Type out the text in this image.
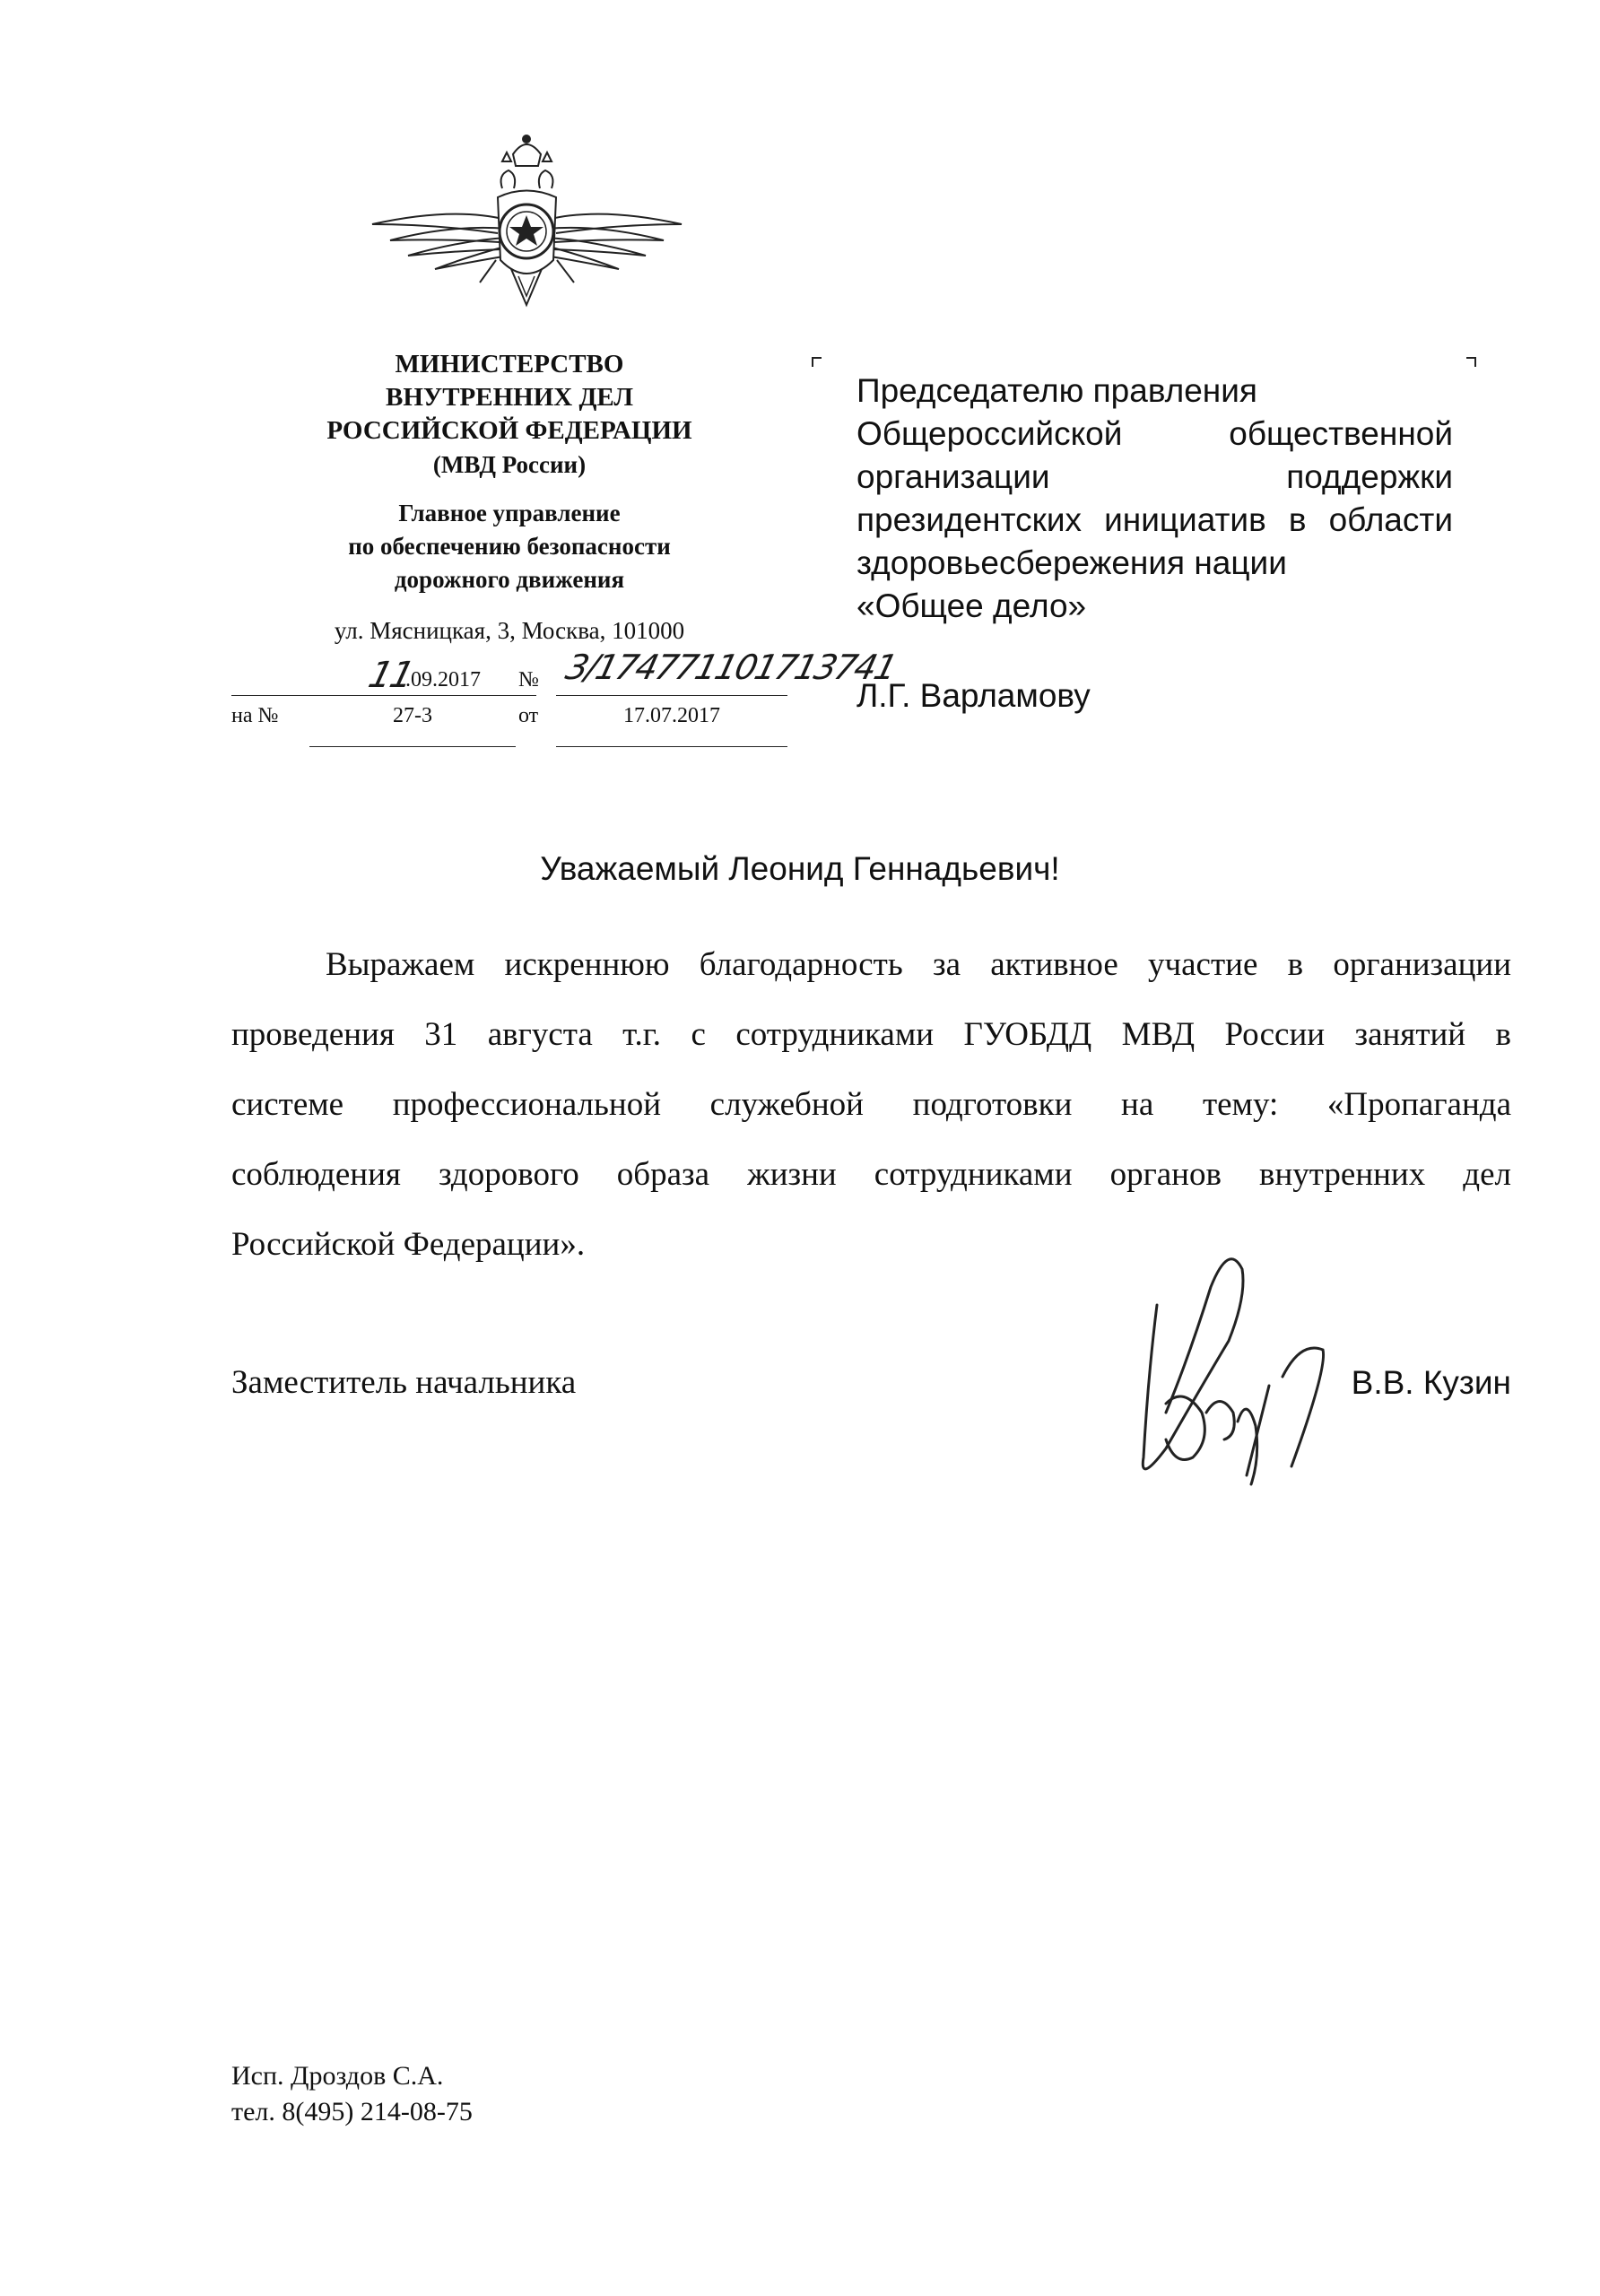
МИНИСТЕРСТВО
ВНУТРЕННИХ ДЕЛ
РОССИЙСКОЙ ФЕДЕРАЦИИ
(МВД России)
Главное управление
по обеспечению безопасности
дорожного движения
ул. Мясницкая, 3, Москва, 101000
11
.09.2017 № 3/174771101713741
на №	27-3	от	17.07.2017
Председателю правления
Общероссийской общественной
организации поддержки
президентских инициатив в области
здоровьесбережения нации
«Общее дело»
Л.Г. Варламову
Уважаемый Леонид Геннадьевич!
Выражаем искреннюю благодарность за активное участие в организации
проведения 31 августа т.г. с сотрудниками ГУОБДД МВД России занятий в
системе профессиональной служебной подготовки на тему: «Пропаганда
соблюдения здорового образа жизни сотрудниками органов внутренних дел
Российской Федерации».
Заместитель начальника	В.В. Кузин
Исп. Дроздов С.А.
тел. 8(495) 214-08-75
